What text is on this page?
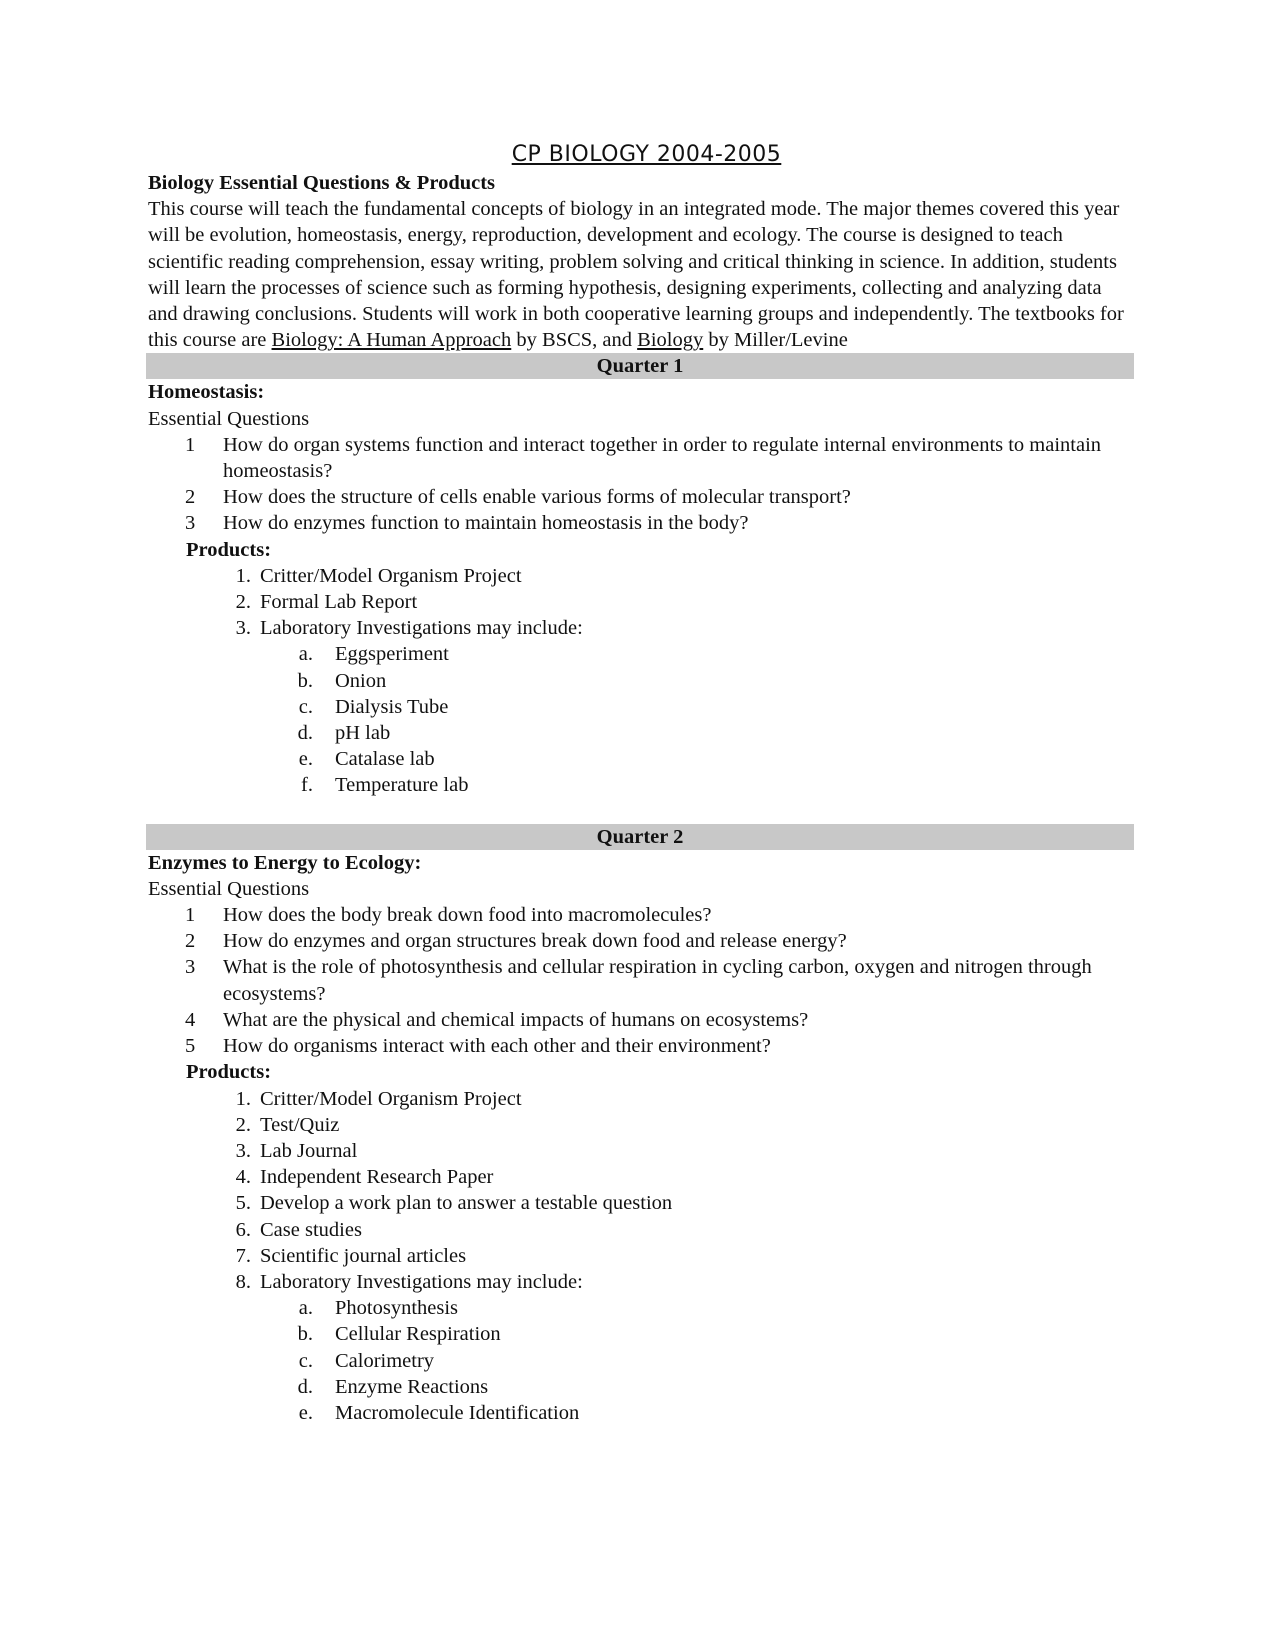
CP BIOLOGY 2004-2005
Biology Essential Questions & Products

This course will teach the fundamental concepts of biology in an integrated mode. The major themes covered this year will be evolution, homeostasis, energy, reproduction, development and ecology. The course is designed to teach scientific reading comprehension, essay writing, problem solving and critical thinking in science. In addition, students will learn the processes of science such as forming hypothesis, designing experiments, collecting and analyzing data and drawing conclusions. Students will work in both cooperative learning groups and independently. The textbooks for this course are Biology: A Human Approach by BSCS, and Biology by Miller/Levine

Quarter 1
Homeostasis:
Essential Questions
1 How do organ systems function and interact together in order to regulate internal environments to maintain homeostasis?
2 How does the structure of cells enable various forms of molecular transport?
3 How do enzymes function to maintain homeostasis in the body?
Products:
1. Critter/Model Organism Project
2. Formal Lab Report
3. Laboratory Investigations may include:
a. Eggsperiment
b. Onion
c. Dialysis Tube
d. pH lab
e. Catalase lab
f. Temperature lab
Quarter 2
Enzymes to Energy to Ecology:
Essential Questions
1 How does the body break down food into macromolecules?
2 How do enzymes and organ structures break down food and release energy?
3 What is the role of photosynthesis and cellular respiration in cycling carbon, oxygen and nitrogen through ecosystems?
4 What are the physical and chemical impacts of humans on ecosystems?
5 How do organisms interact with each other and their environment?
Products:
1. Critter/Model Organism Project
2. Test/Quiz
3. Lab Journal
4. Independent Research Paper
5. Develop a work plan to answer a testable question
6. Case studies
7. Scientific journal articles
8. Laboratory Investigations may include:
a. Photosynthesis
b. Cellular Respiration
c. Calorimetry
d. Enzyme Reactions
e. Macromolecule Identification
